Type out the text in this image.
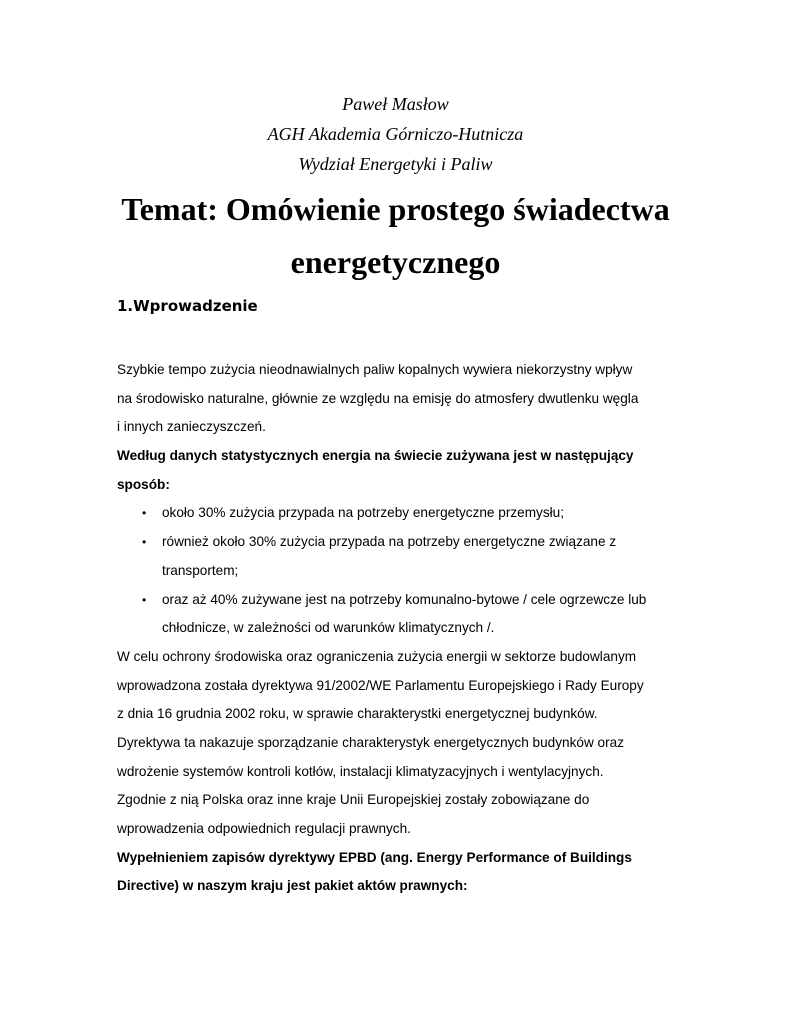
Paweł Masłow
AGH Akademia Górniczo-Hutnicza
Wydział Energetyki i Paliw
Temat: Omówienie prostego świadectwa
energetycznego
1.Wprowadzenie
Szybkie tempo zużycia nieodnawialnych paliw kopalnych wywiera niekorzystny wpływ
na środowisko naturalne, głównie ze względu na emisję do atmosfery dwutlenku węgla
i innych zanieczyszczeń.
Według danych statystycznych energia na świecie zużywana jest w następujący
sposób:
• około 30% zużycia przypada na potrzeby energetyczne przemysłu;
• również około 30% zużycia przypada na potrzeby energetyczne związane z
transportem;
• oraz aż 40% zużywane jest na potrzeby komunalno-bytowe / cele ogrzewcze lub
chłodnicze, w zależności od warunków klimatycznych /.
W celu ochrony środowiska oraz ograniczenia zużycia energii w sektorze budowlanym
wprowadzona została dyrektywa 91/2002/WE Parlamentu Europejskiego i Rady Europy
z dnia 16 grudnia 2002 roku, w sprawie charakterystki energetycznej budynków.
Dyrektywa ta nakazuje sporządzanie charakterystyk energetycznych budynków oraz
wdrożenie systemów kontroli kotłów, instalacji klimatyzacyjnych i wentylacyjnych.
Zgodnie z nią Polska oraz inne kraje Unii Europejskiej zostały zobowiązane do
wprowadzenia odpowiednich regulacji prawnych.
Wypełnieniem zapisów dyrektywy EPBD (ang. Energy Performance of Buildings
Directive) w naszym kraju jest pakiet aktów prawnych:
